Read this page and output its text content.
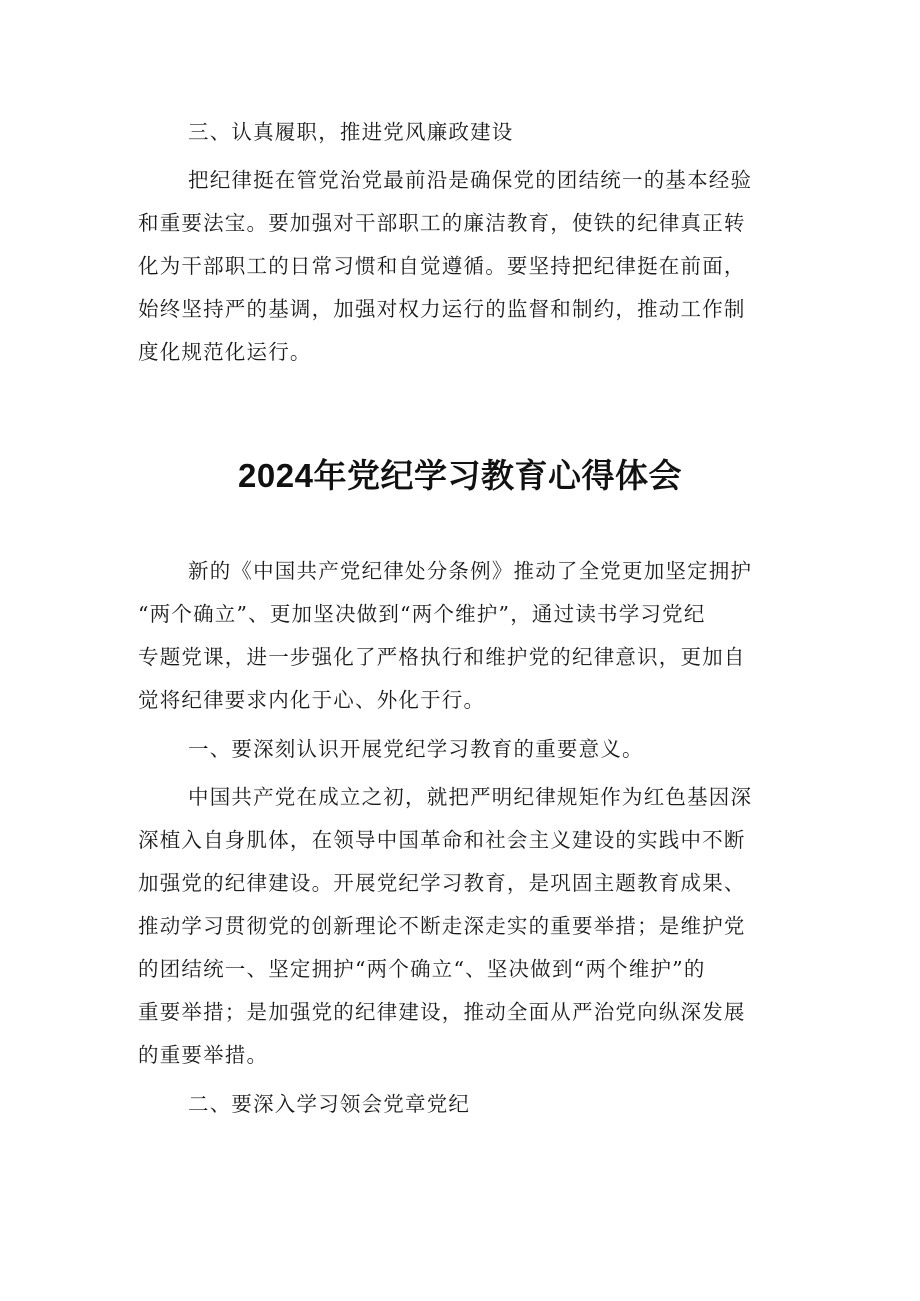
三、认真履职，推进党风廉政建设

把纪律挺在管党治党最前沿是确保党的团结统一的基本经验

和重要法宝。要加强对干部职工的廉洁教育，使铁的纪律真正转

化为干部职工的日常习惯和自觉遵循。要坚持把纪律挺在前面，

始终坚持严的基调，加强对权力运行的监督和制约，推动工作制

度化规范化运行。

2024年党纪学习教育心得体会

新的《中国共产党纪律处分条例》推动了全党更加坚定拥护

“两个确立”、更加坚决做到“两个维护”，通过读书学习党纪

专题党课，进一步强化了严格执行和维护党的纪律意识，更加自

觉将纪律要求内化于心、外化于行。

一、要深刻认识开展党纪学习教育的重要意义。

中国共产党在成立之初，就把严明纪律规矩作为红色基因深

深植入自身肌体，在领导中国革命和社会主义建设的实践中不断

加强党的纪律建设。开展党纪学习教育，是巩固主题教育成果、

推动学习贯彻党的创新理论不断走深走实的重要举措；是维护党

的团结统一、坚定拥护“两个确立“、坚决做到“两个维护”的

重要举措；是加强党的纪律建设，推动全面从严治党向纵深发展

的重要举措。

二、要深入学习领会党章党纪
